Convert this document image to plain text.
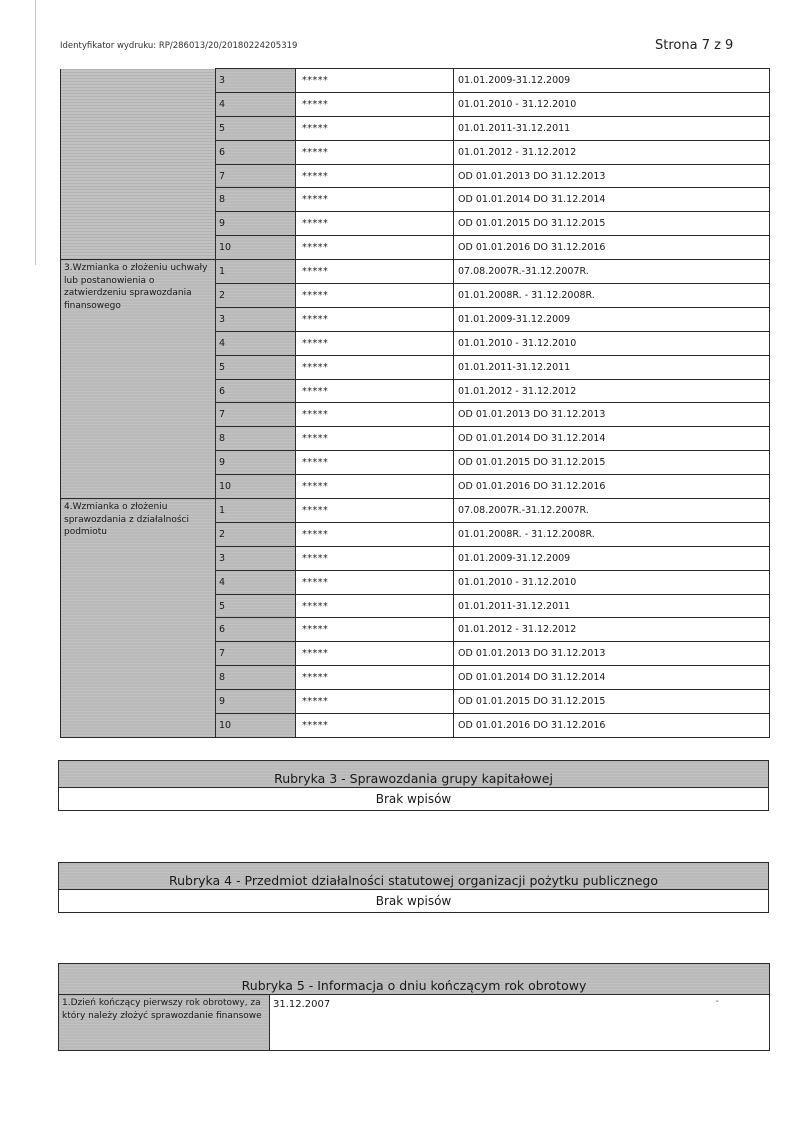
Identyfikator wydruku: RP/286013/20/20180224205319	Strona 7 z 9
	3	*****	01.01.2009-31.12.2009
	4	*****	01.01.2010 - 31.12.2010
	5	*****	01.01.2011-31.12.2011
	6	*****	01.01.2012 - 31.12.2012
	7	*****	OD 01.01.2013 DO 31.12.2013
	8	*****	OD 01.01.2014 DO 31.12.2014
	9	*****	OD 01.01.2015 DO 31.12.2015
	10	*****	OD 01.01.2016 DO 31.12.2016
3.Wzmianka o złożeniu uchwały lub postanowienia o zatwierdzeniu sprawozdania finansowego	1	*****	07.08.2007R.-31.12.2007R.
	2	*****	01.01.2008R. - 31.12.2008R.
	3	*****	01.01.2009-31.12.2009
	4	*****	01.01.2010 - 31.12.2010
	5	*****	01.01.2011-31.12.2011
	6	*****	01.01.2012 - 31.12.2012
	7	*****	OD 01.01.2013 DO 31.12.2013
	8	*****	OD 01.01.2014 DO 31.12.2014
	9	*****	OD 01.01.2015 DO 31.12.2015
	10	*****	OD 01.01.2016 DO 31.12.2016
4.Wzmianka o złożeniu sprawozdania z działalności podmiotu	1	*****	07.08.2007R.-31.12.2007R.
	2	*****	01.01.2008R. - 31.12.2008R.
	3	*****	01.01.2009-31.12.2009
	4	*****	01.01.2010 - 31.12.2010
	5	*****	01.01.2011-31.12.2011
	6	*****	01.01.2012 - 31.12.2012
	7	*****	OD 01.01.2013 DO 31.12.2013
	8	*****	OD 01.01.2014 DO 31.12.2014
	9	*****	OD 01.01.2015 DO 31.12.2015
	10	*****	OD 01.01.2016 DO 31.12.2016
Rubryka 3 - Sprawozdania grupy kapitałowej
Brak wpisów
Rubryka 4 - Przedmiot działalności statutowej organizacji pożytku publicznego
Brak wpisów
Rubryka 5 - Informacja o dniu kończącym rok obrotowy
1.Dzień kończący pierwszy rok obrotowy, za który należy złożyć sprawozdanie finansowe	31.12.2007	-
